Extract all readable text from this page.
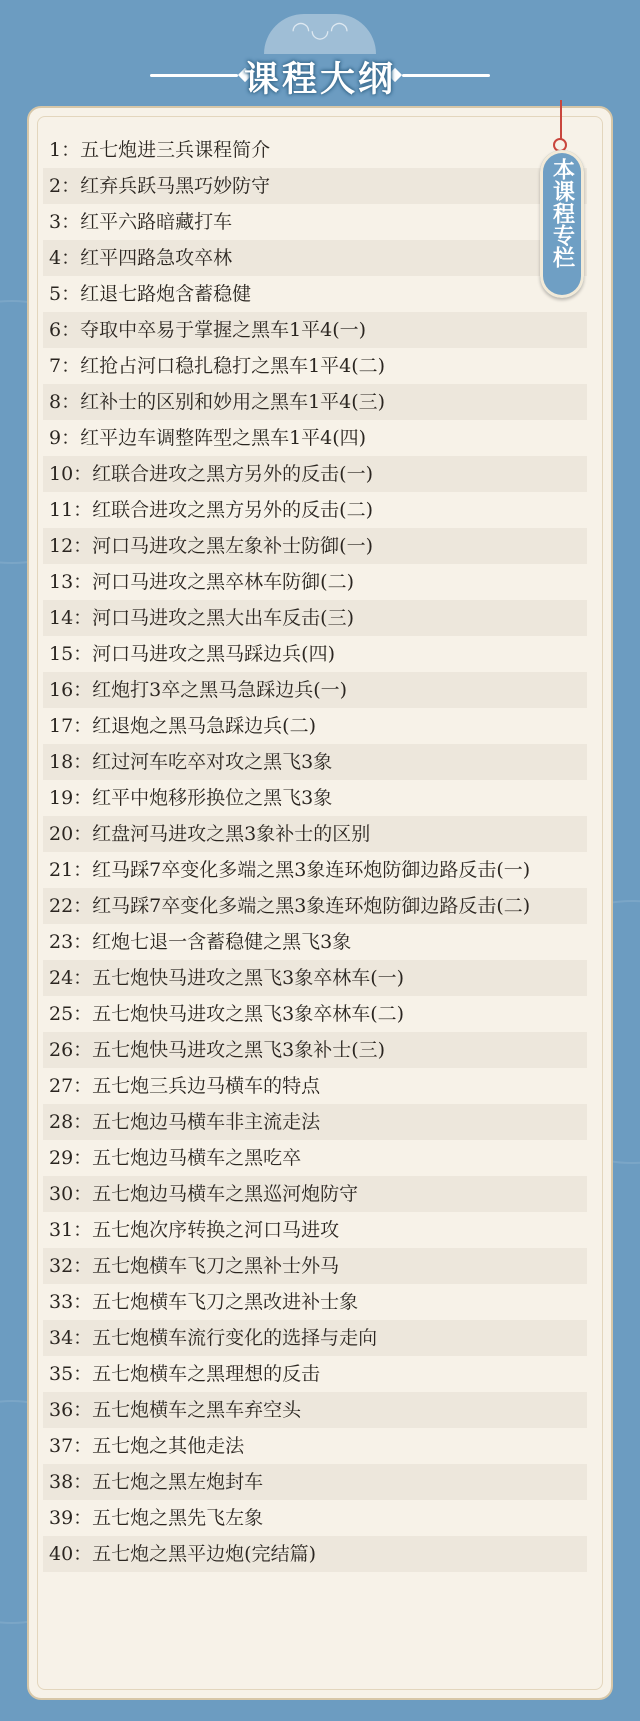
◠◡◠
课程大纲
1：五七炮进三兵课程简介
2：红弃兵跃马黑巧妙防守
3：红平六路暗藏打车
4：红平四路急攻卒林
5：红退七路炮含蓄稳健
6：夺取中卒易于掌握之黑车1平4(一)
7：红抢占河口稳扎稳打之黑车1平4(二)
8：红补士的区别和妙用之黑车1平4(三)
9：红平边车调整阵型之黑车1平4(四)
10：红联合进攻之黑方另外的反击(一)
11：红联合进攻之黑方另外的反击(二)
12：河口马进攻之黑左象补士防御(一)
13：河口马进攻之黑卒林车防御(二)
14：河口马进攻之黑大出车反击(三)
15：河口马进攻之黑马踩边兵(四)
16：红炮打3卒之黑马急踩边兵(一)
17：红退炮之黑马急踩边兵(二)
18：红过河车吃卒对攻之黑飞3象
19：红平中炮移形换位之黑飞3象
20：红盘河马进攻之黑3象补士的区别
21：红马踩7卒变化多端之黑3象连环炮防御边路反击(一)
22：红马踩7卒变化多端之黑3象连环炮防御边路反击(二)
23：红炮七退一含蓄稳健之黑飞3象
24：五七炮快马进攻之黑飞3象卒林车(一)
25：五七炮快马进攻之黑飞3象卒林车(二)
26：五七炮快马进攻之黑飞3象补士(三)
27：五七炮三兵边马横车的特点
28：五七炮边马横车非主流走法
29：五七炮边马横车之黑吃卒
30：五七炮边马横车之黑巡河炮防守
31：五七炮次序转换之河口马进攻
32：五七炮横车飞刀之黑补士外马
33：五七炮横车飞刀之黑改进补士象
34：五七炮横车流行变化的选择与走向
35：五七炮横车之黑理想的反击
36：五七炮横车之黑车弃空头
37：五七炮之其他走法
38：五七炮之黑左炮封车
39：五七炮之黑先飞左象
40：五七炮之黑平边炮(完结篇)
本课程专栏
